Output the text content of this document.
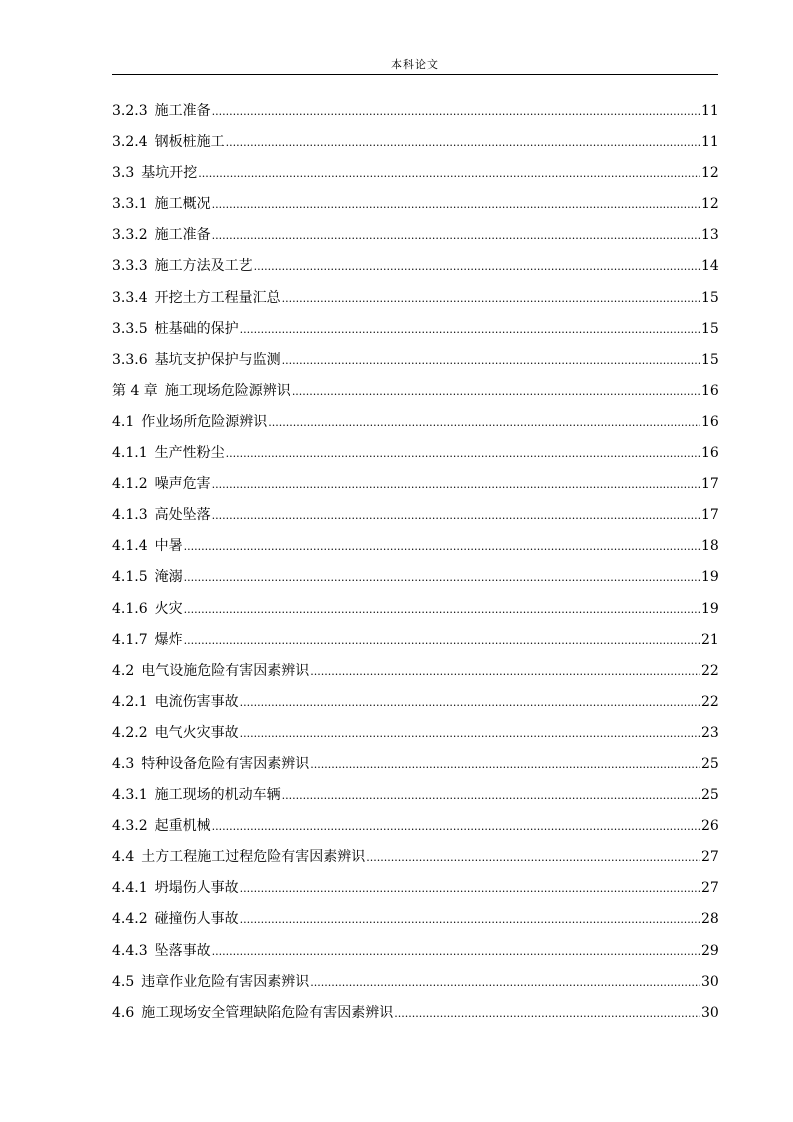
本科论文
3.2.3 施工准备 .....	11
3.2.4 钢板桩施工 .....	11
3.3 基坑开挖 .....	12
3.3.1 施工概况 .....	12
3.3.2 施工准备 .....	13
3.3.3 施工方法及工艺 .....	14
3.3.4 开挖土方工程量汇总 .....	15
3.3.5 桩基础的保护 .....	15
3.3.6 基坑支护保护与监测 .....	15
第 4 章 施工现场危险源辨识 .....	16
4.1 作业场所危险源辨识 .....	16
4.1.1 生产性粉尘 .....	16
4.1.2 噪声危害 .....	17
4.1.3 高处坠落 .....	17
4.1.4 中暑 .....	18
4.1.5 淹溺 .....	19
4.1.6 火灾 .....	19
4.1.7 爆炸 .....	21
4.2 电气设施危险有害因素辨识 .....	22
4.2.1 电流伤害事故 .....	22
4.2.2 电气火灾事故 .....	23
4.3 特种设备危险有害因素辨识 .....	25
4.3.1 施工现场的机动车辆 .....	25
4.3.2 起重机械 .....	26
4.4 土方工程施工过程危险有害因素辨识 .....	27
4.4.1 坍塌伤人事故 .....	27
4.4.2 碰撞伤人事故 .....	28
4.4.3 坠落事故 .....	29
4.5 违章作业危险有害因素辨识 .....	30
4.6 施工现场安全管理缺陷危险有害因素辨识 .....	30
